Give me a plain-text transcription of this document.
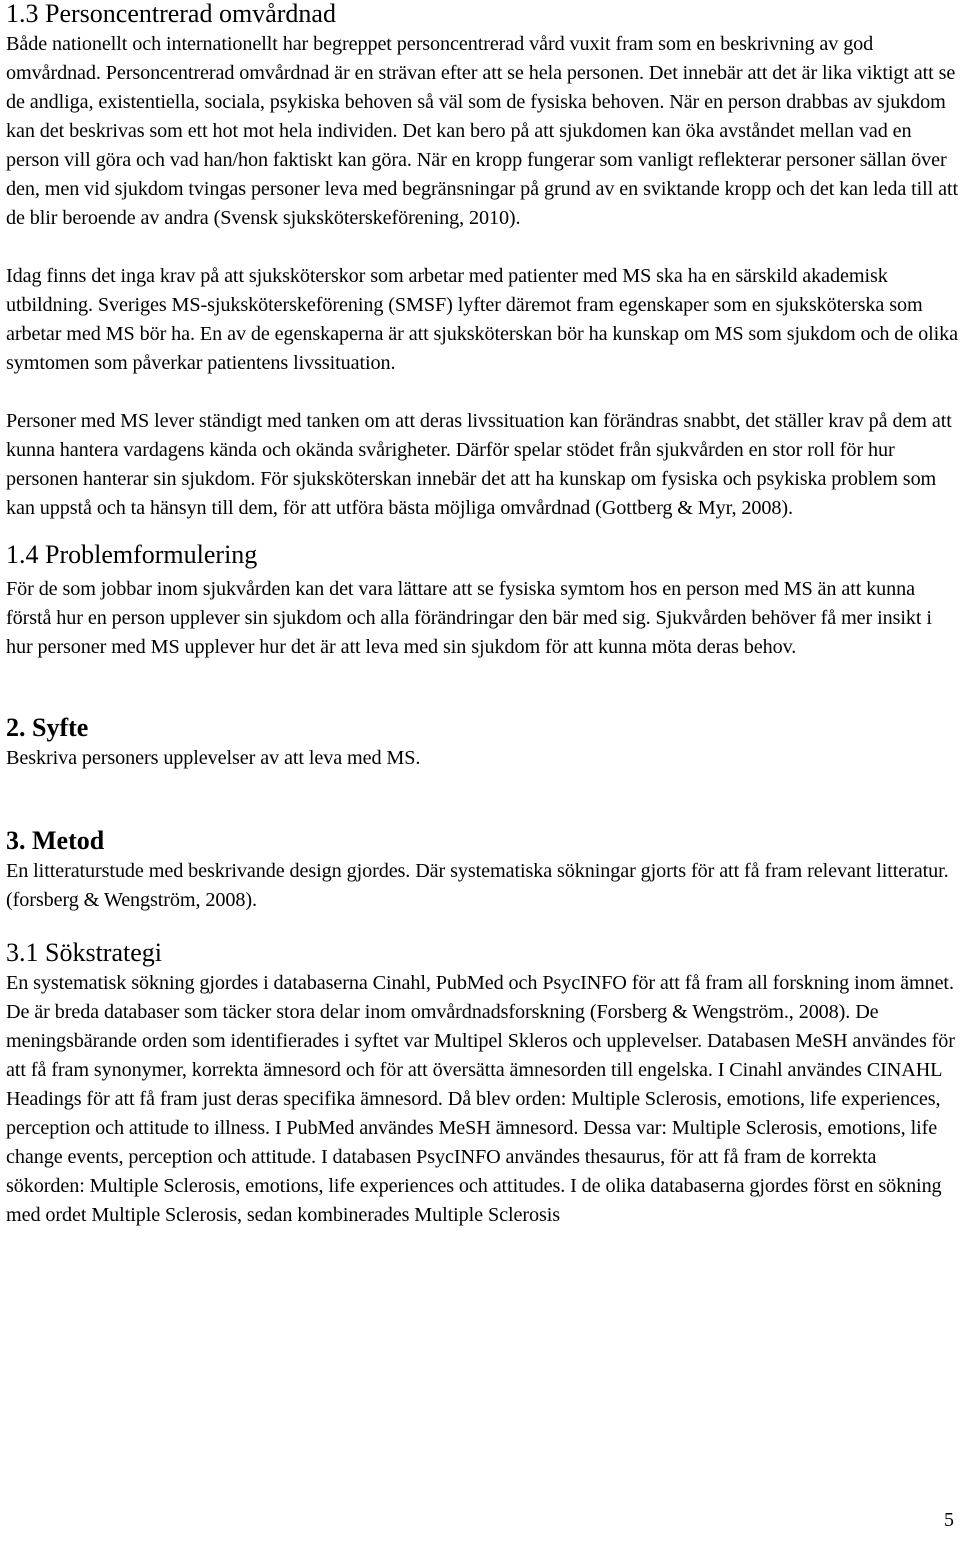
1.3 Personcentrerad omvårdnad

Både nationellt och internationellt har begreppet personcentrerad vård vuxit fram som en beskrivning av god omvårdnad. Personcentrerad omvårdnad är en strävan efter att se hela personen. Det innebär att det är lika viktigt att se de andliga, existentiella, sociala, psykiska behoven så väl som de fysiska behoven. När en person drabbas av sjukdom kan det beskrivas som ett hot mot hela individen. Det kan bero på att sjukdomen kan öka avståndet mellan vad en person vill göra och vad han/hon faktiskt kan göra. När en kropp fungerar som vanligt reflekterar personer sällan över den, men vid sjukdom tvingas personer leva med begränsningar på grund av en sviktande kropp och det kan leda till att de blir beroende av andra (Svensk sjuksköterskeförening, 2010).

Idag finns det inga krav på att sjuksköterskor som arbetar med patienter med MS ska ha en särskild akademisk utbildning. Sveriges MS-sjuksköterskeförening (SMSF) lyfter däremot fram egenskaper som en sjuksköterska som arbetar med MS bör ha. En av de egenskaperna är att sjuksköterskan bör ha kunskap om MS som sjukdom och de olika symtomen som påverkar patientens livssituation.

Personer med MS lever ständigt med tanken om att deras livssituation kan förändras snabbt, det ställer krav på dem att kunna hantera vardagens kända och okända svårigheter. Därför spelar stödet från sjukvården en stor roll för hur personen hanterar sin sjukdom. För sjuksköterskan innebär det att ha kunskap om fysiska och psykiska problem som kan uppstå och ta hänsyn till dem, för att utföra bästa möjliga omvårdnad (Gottberg & Myr, 2008).

1.4 Problemformulering

För de som jobbar inom sjukvården kan det vara lättare att se fysiska symtom hos en person med MS än att kunna förstå hur en person upplever sin sjukdom och alla förändringar den bär med sig. Sjukvården behöver få mer insikt i hur personer med MS upplever hur det är att leva med sin sjukdom för att kunna möta deras behov.

2. Syfte

Beskriva personers upplevelser av att leva med MS.

3. Metod

En litteraturstude med beskrivande design gjordes. Där systematiska sökningar gjorts för att få fram relevant litteratur.(forsberg & Wengström, 2008).

3.1 Sökstrategi

En systematisk sökning gjordes i databaserna Cinahl, PubMed och PsycINFO för att få fram all forskning inom ämnet. De är breda databaser som täcker stora delar inom omvårdnadsforskning (Forsberg & Wengström., 2008). De meningsbärande orden som identifierades i syftet var Multipel Skleros och upplevelser. Databasen MeSH användes för att få fram synonymer, korrekta ämnesord och för att översätta ämnesorden till engelska. I Cinahl användes CINAHL Headings för att få fram just deras specifika ämnesord. Då blev orden: Multiple Sclerosis, emotions, life experiences, perception och attitude to illness. I PubMed användes MeSH ämnesord. Dessa var: Multiple Sclerosis, emotions, life change events, perception och attitude. I databasen PsycINFO användes thesaurus, för att få fram de korrekta sökorden: Multiple Sclerosis, emotions, life experiences och attitudes. I de olika databaserna gjordes först en sökning med ordet Multiple Sclerosis, sedan kombinerades Multiple Sclerosis

5
